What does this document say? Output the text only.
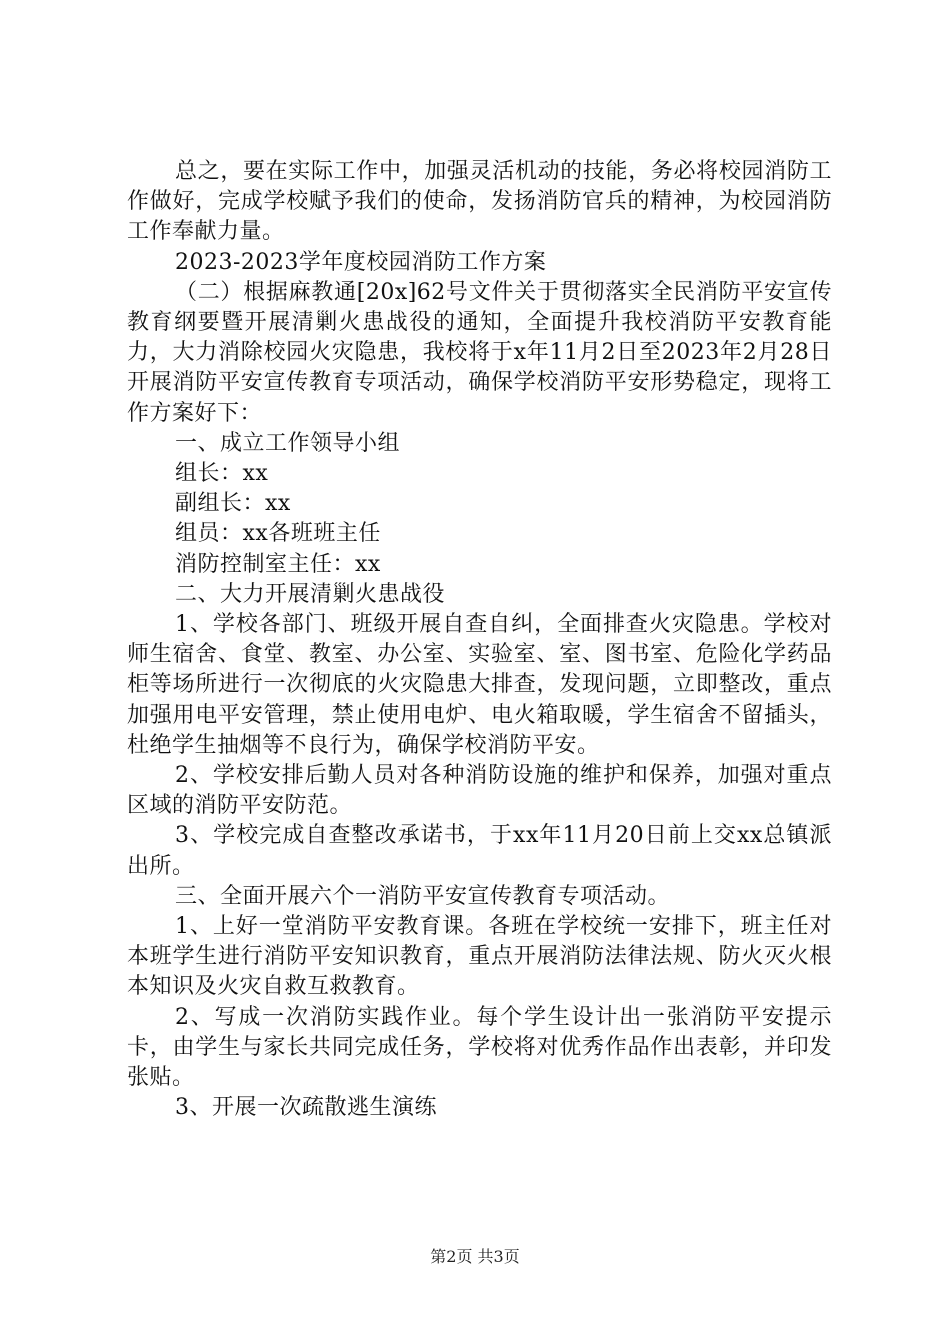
总之，要在实际工作中，加强灵活机动的技能，务必将校园消防工作做好，完成学校赋予我们的使命，发扬消防官兵的精神，为校园消防工作奉献力量。

2023-2023学年度校园消防工作方案

（二）根据麻教通[20x]62号文件关于贯彻落实全民消防平安宣传教育纲要暨开展清剿火患战役的通知，全面提升我校消防平安教育能力，大力消除校园火灾隐患，我校将于x年11月2日至2023年2月28日开展消防平安宣传教育专项活动，确保学校消防平安形势稳定，现将工作方案好下：

一、成立工作领导小组

组长：xx

副组长：xx

组员：xx各班班主任

消防控制室主任：xx

二、大力开展清剿火患战役

1、学校各部门、班级开展自查自纠，全面排查火灾隐患。学校对师生宿舍、食堂、教室、办公室、实验室、室、图书室、危险化学药品柜等场所进行一次彻底的火灾隐患大排查，发现问题，立即整改，重点加强用电平安管理，禁止使用电炉、电火箱取暖，学生宿舍不留插头，杜绝学生抽烟等不良行为，确保学校消防平安。

2、学校安排后勤人员对各种消防设施的维护和保养，加强对重点区域的消防平安防范。

3、学校完成自查整改承诺书，于xx年11月20日前上交xx总镇派出所。

三、全面开展六个一消防平安宣传教育专项活动。

1、上好一堂消防平安教育课。各班在学校统一安排下，班主任对本班学生进行消防平安知识教育，重点开展消防法律法规、防火灭火根本知识及火灾自救互救教育。

2、写成一次消防实践作业。每个学生设计出一张消防平安提示卡，由学生与家长共同完成任务，学校将对优秀作品作出表彰，并印发张贴。

3、开展一次疏散逃生演练

第2页 共3页
